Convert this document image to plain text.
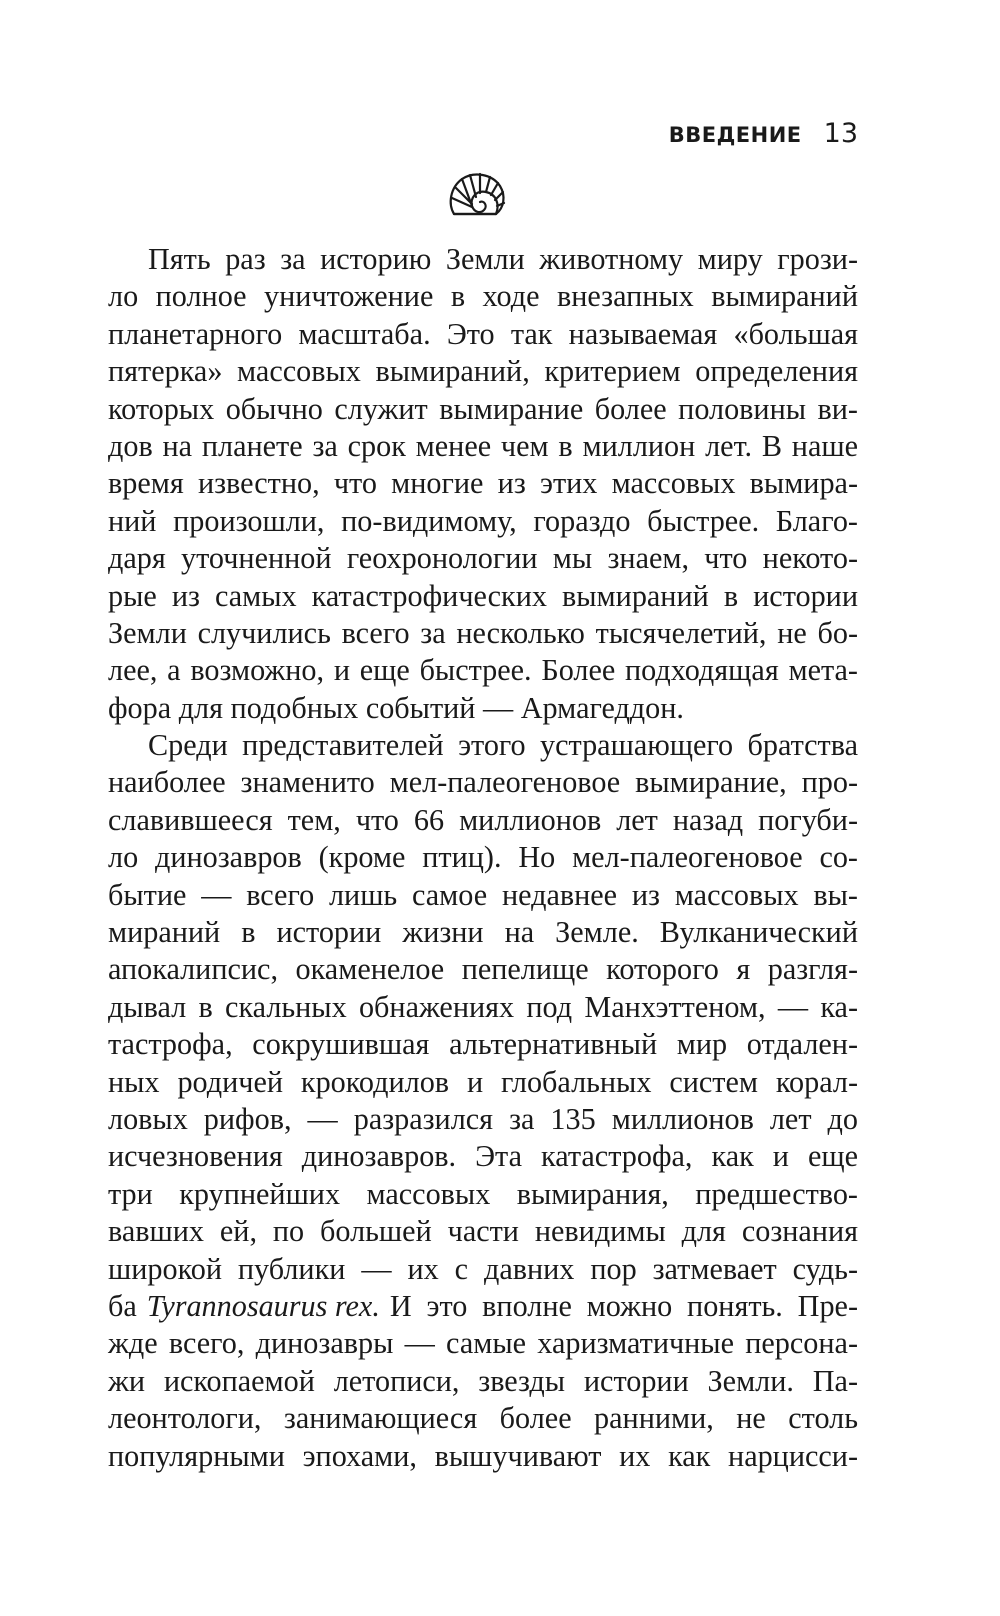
ВВЕДЕНИЕ 13
Пять раз за историю Земли животному миру грози-
ло полное уничтожение в ходе внезапных вымираний
планетарного масштаба. Это так называемая «большая
пятерка» массовых вымираний, критерием определения
которых обычно служит вымирание более половины ви-
дов на планете за срок менее чем в миллион лет. В наше
время известно, что многие из этих массовых вымира-
ний произошли, по-видимому, гораздо быстрее. Благо-
даря уточненной геохронологии мы знаем, что некото-
рые из самых катастрофических вымираний в истории
Земли случились всего за несколько тысячелетий, не бо-
лее, а возможно, и еще быстрее. Более подходящая мета-
фора для подобных событий — Армагеддон.
Среди представителей этого устрашающего братства
наиболее знаменито мел-палеогеновое вымирание, про-
славившееся тем, что 66 миллионов лет назад погуби-
ло динозавров (кроме птиц). Но мел-палеогеновое со-
бытие — всего лишь самое недавнее из массовых вы-
мираний в истории жизни на Земле. Вулканический
апокалипсис, окаменелое пепелище которого я разгля-
дывал в скальных обнажениях под Манхэттеном, — ка-
тастрофа, сокрушившая альтернативный мир отдален-
ных родичей крокодилов и глобальных систем корал-
ловых рифов, — разразился за 135 миллионов лет до
исчезновения динозавров. Эта катастрофа, как и еще
три крупнейших массовых вымирания, предшество-
вавших ей, по большей части невидимы для сознания
широкой публики — их с давних пор затмевает судь-
ба Tyrannosaurus rex. И это вполне можно понять. Пре-
жде всего, динозавры — самые харизматичные персона-
жи ископаемой летописи, звезды истории Земли. Па-
леонтологи, занимающиеся более ранними, не столь
популярными эпохами, вышучивают их как нарцисси-
